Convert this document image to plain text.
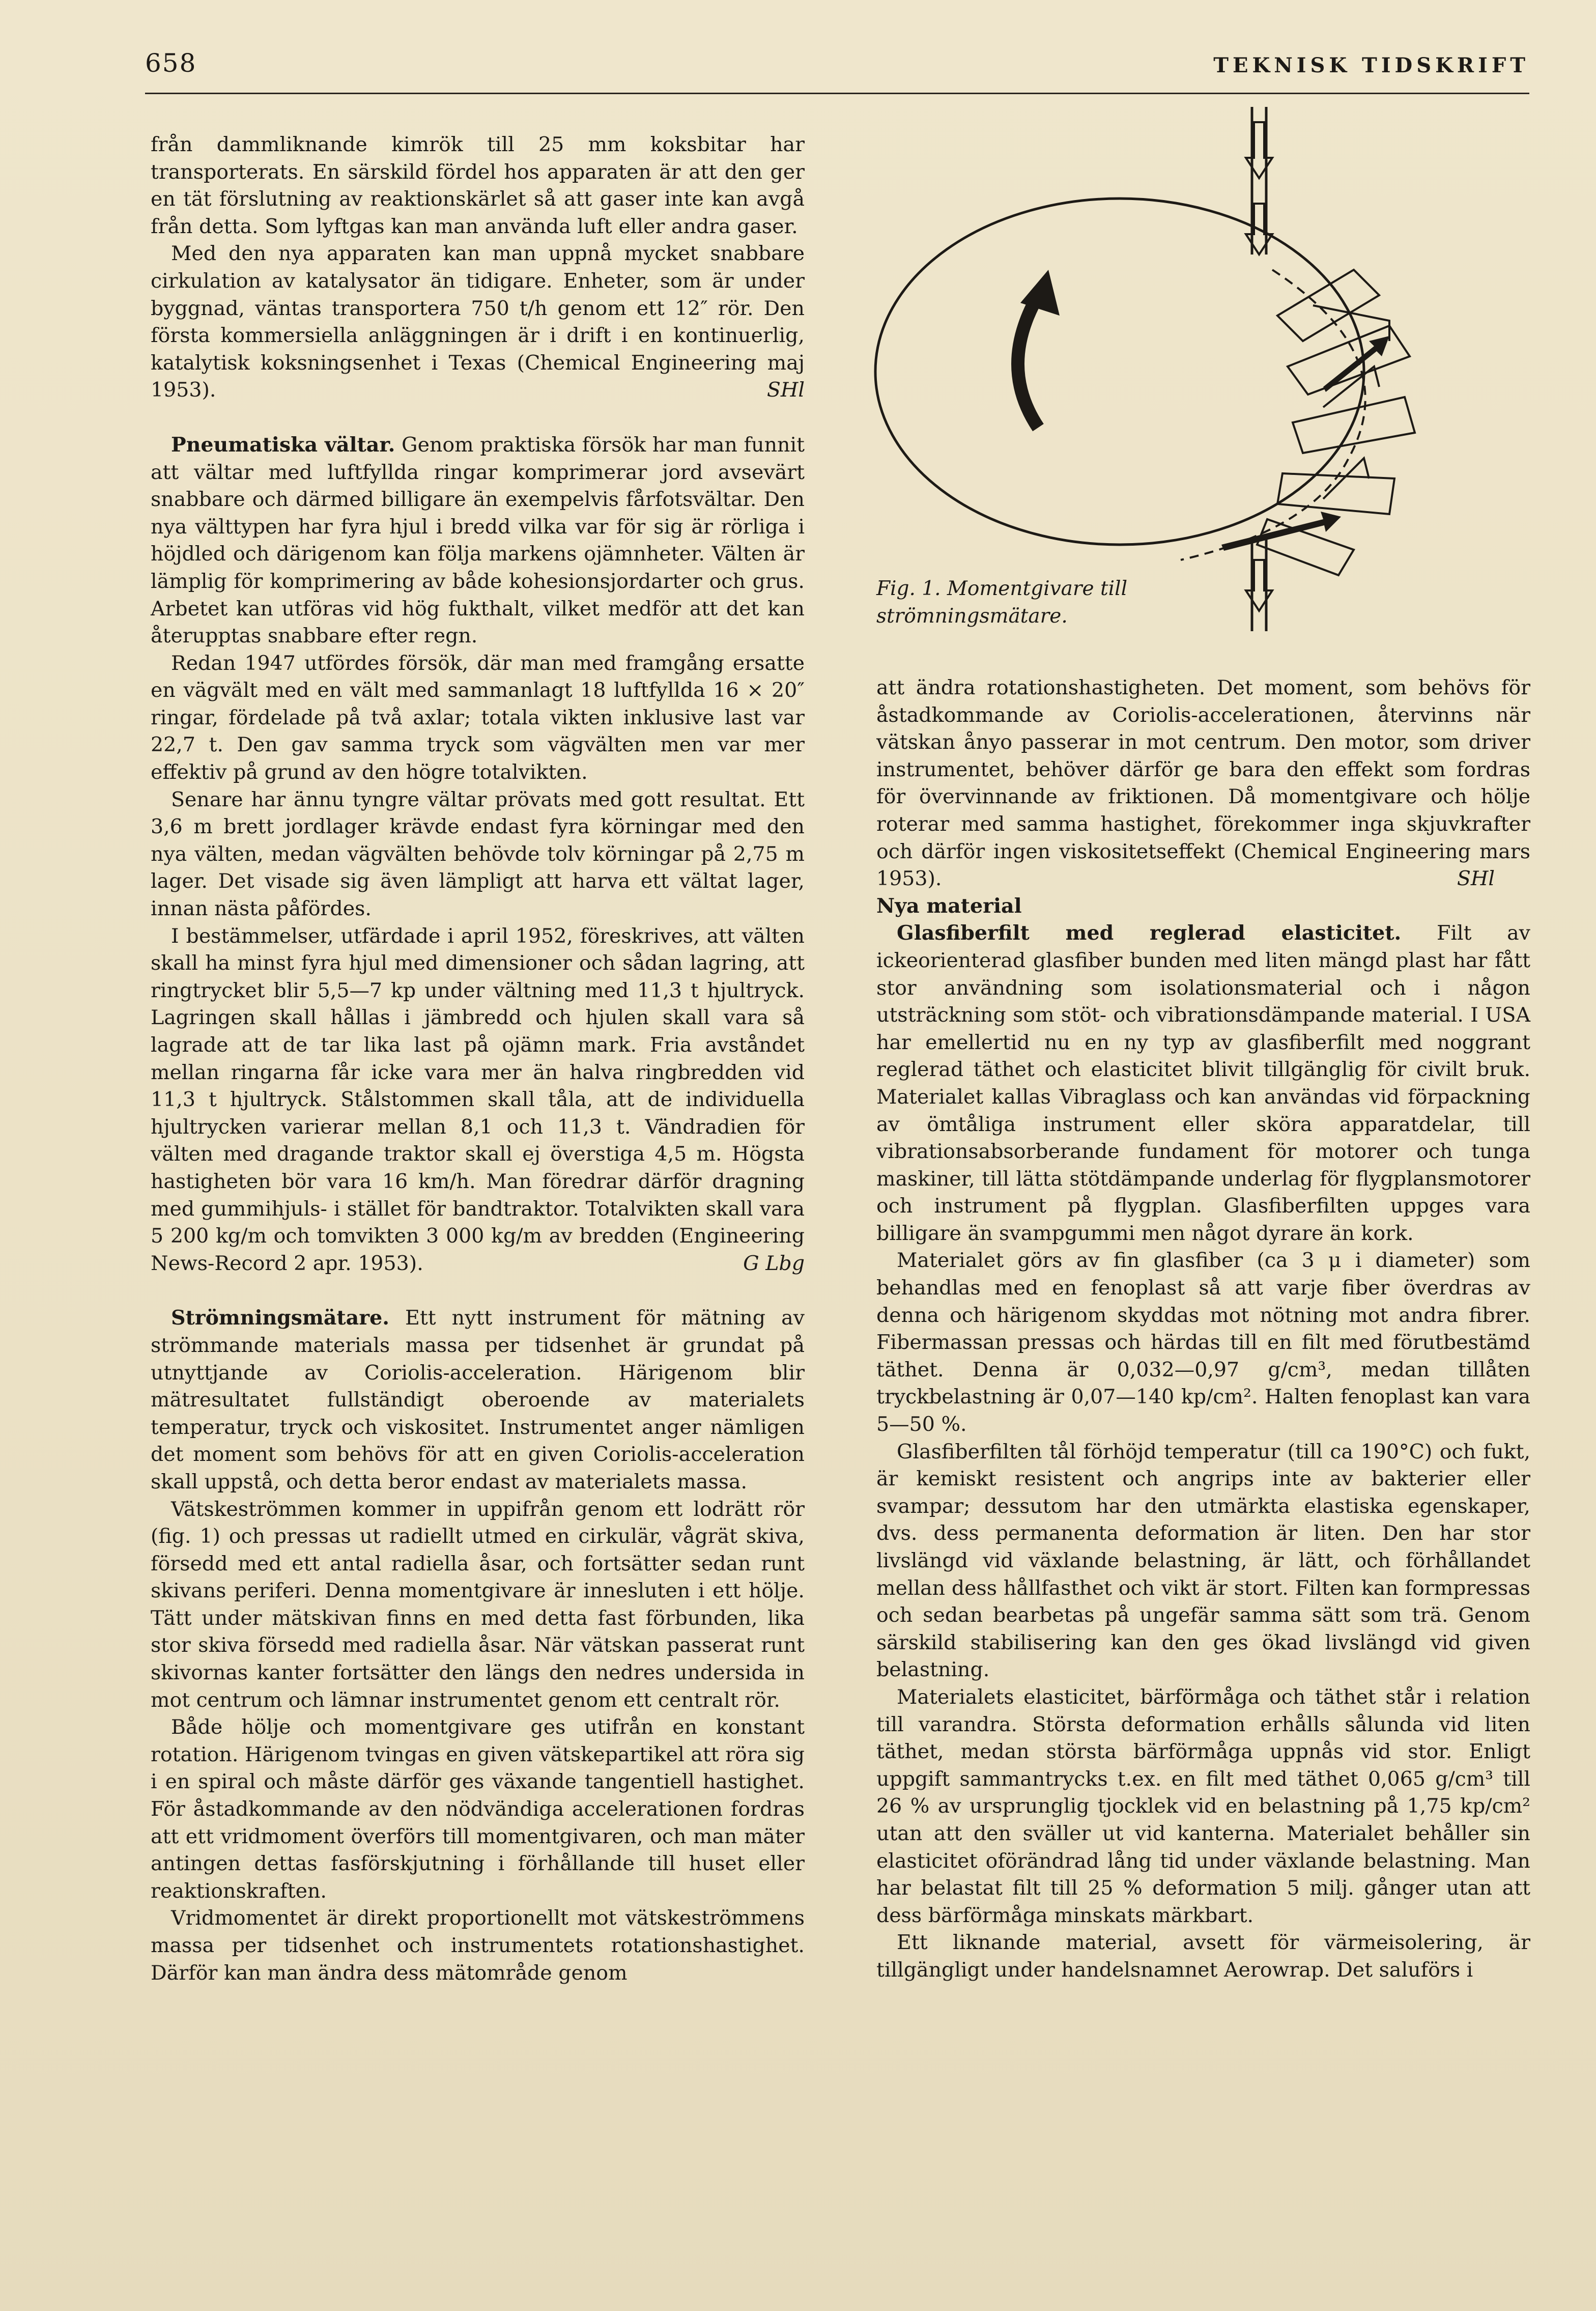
658	TEKNISK TIDSKRIFT

från dammliknande kimrök till 25 mm koksbitar har transporterats. En särskild fördel hos apparaten är att den ger en tät förslutning av reaktionskärlet så att gaser inte kan avgå från detta. Som lyftgas kan man använda luft eller andra gaser.

Med den nya apparaten kan man uppnå mycket snabbare cirkulation av katalysator än tidigare. Enheter, som är under byggnad, väntas transportera 750 t/h genom ett 12″ rör. Den första kommersiella anläggningen är i drift i en kontinuerlig, katalytisk koksningsenhet i Texas (Chemical Engineering maj 1953).	SHl

Pneumatiska vältar. Genom praktiska försök har man funnit att vältar med luftfyllda ringar komprimerar jord avsevärt snabbare och därmed billigare än exempelvis fårfotsvältar. Den nya välttypen har fyra hjul i bredd vilka var för sig är rörliga i höjdled och därigenom kan följa markens ojämnheter. Välten är lämplig för komprimering av både kohesionsjordarter och grus. Arbetet kan utföras vid hög fukthalt, vilket medför att det kan återupptas snabbare efter regn.

Redan 1947 utfördes försök, där man med framgång ersatte en vägvält med en vält med sammanlagt 18 luftfyllda 16 × 20″ ringar, fördelade på två axlar; totala vikten inklusive last var 22,7 t. Den gav samma tryck som vägvälten men var mer effektiv på grund av den högre totalvikten.

Senare har ännu tyngre vältar prövats med gott resultat. Ett 3,6 m brett jordlager krävde endast fyra körningar med den nya välten, medan vägvälten behövde tolv körningar på 2,75 m lager. Det visade sig även lämpligt att harva ett vältat lager, innan nästa påfördes.

I bestämmelser, utfärdade i april 1952, föreskrives, att välten skall ha minst fyra hjul med dimensioner och sådan lagring, att ringtrycket blir 5,5—7 kp under vältning med 11,3 t hjultryck. Lagringen skall hållas i jämbredd och hjulen skall vara så lagrade att de tar lika last på ojämn mark. Fria avståndet mellan ringarna får icke vara mer än halva ringbredden vid 11,3 t hjultryck. Stålstommen skall tåla, att de individuella hjultrycken varierar mellan 8,1 och 11,3 t. Vändradien för välten med dragande traktor skall ej överstiga 4,5 m. Högsta hastigheten bör vara 16 km/h. Man föredrar därför dragning med gummihjuls- i stället för bandtraktor. Totalvikten skall vara 5 200 kg/m och tomvikten 3 000 kg/m av bredden (Engineering News-Record 2 apr. 1953).	G Lbg

Strömningsmätare. Ett nytt instrument för mätning av strömmande materials massa per tidsenhet är grundat på utnyttjande av Coriolis-acceleration. Härigenom blir mätresultatet fullständigt oberoende av materialets temperatur, tryck och viskositet. Instrumentet anger nämligen det moment som behövs för att en given Coriolis-acceleration skall uppstå, och detta beror endast av materialets massa.

Vätskeströmmen kommer in uppifrån genom ett lodrätt rör (fig. 1) och pressas ut radiellt utmed en cirkulär, vågrät skiva, försedd med ett antal radiella åsar, och fortsätter sedan runt skivans periferi. Denna momentgivare är innesluten i ett hölje. Tätt under mätskivan finns en med detta fast förbunden, lika stor skiva försedd med radiella åsar. När vätskan passerat runt skivornas kanter fortsätter den längs den nedres undersida in mot centrum och lämnar instrumentet genom ett centralt rör.

Både hölje och momentgivare ges utifrån en konstant rotation. Härigenom tvingas en given vätskepartikel att röra sig i en spiral och måste därför ges växande tangentiell hastighet. För åstadkommande av den nödvändiga accelerationen fordras att ett vridmoment överförs till momentgivaren, och man mäter antingen dettas fasförskjutning i förhållande till huset eller reaktionskraften.

Vridmomentet är direkt proportionellt mot vätskeströmmens massa per tidsenhet och instrumentets rotationshastighet. Därför kan man ändra dess mätområde genom

Fig. 1. Momentgivare till strömningsmätare.

att ändra rotationshastigheten. Det moment, som behövs för åstadkommande av Coriolis-accelerationen, återvinns när vätskan ånyo passerar in mot centrum. Den motor, som driver instrumentet, behöver därför ge bara den effekt som fordras för övervinnande av friktionen. Då momentgivare och hölje roterar med samma hastighet, förekommer inga skjuvkrafter och därför ingen viskositetseffekt (Chemical Engineering mars 1953).	SHl

Nya material

Glasfiberfilt med reglerad elasticitet. Filt av ickeorienterad glasfiber bunden med liten mängd plast har fått stor användning som isolationsmaterial och i någon utsträckning som stöt- och vibrationsdämpande material. I USA har emellertid nu en ny typ av glasfiberfilt med noggrant reglerad täthet och elasticitet blivit tillgänglig för civilt bruk. Materialet kallas Vibraglass och kan användas vid förpackning av ömtåliga instrument eller sköra apparatdelar, till vibrationsabsorberande fundament för motorer och tunga maskiner, till lätta stötdämpande underlag för flygplansmotorer och instrument på flygplan. Glasfiberfilten uppges vara billigare än svampgummi men något dyrare än kork.

Materialet görs av fin glasfiber (ca 3 μ i diameter) som behandlas med en fenoplast så att varje fiber överdras av denna och härigenom skyddas mot nötning mot andra fibrer. Fibermassan pressas och härdas till en filt med förutbestämd täthet. Denna är 0,032—0,97 g/cm³, medan tillåten tryckbelastning är 0,07—140 kp/cm². Halten fenoplast kan vara 5—50 %.

Glasfiberfilten tål förhöjd temperatur (till ca 190°C) och fukt, är kemiskt resistent och angrips inte av bakterier eller svampar; dessutom har den utmärkta elastiska egenskaper, dvs. dess permanenta deformation är liten. Den har stor livslängd vid växlande belastning, är lätt, och förhållandet mellan dess hållfasthet och vikt är stort. Filten kan formpressas och sedan bearbetas på ungefär samma sätt som trä. Genom särskild stabilisering kan den ges ökad livslängd vid given belastning.

Materialets elasticitet, bärförmåga och täthet står i relation till varandra. Största deformation erhålls sålunda vid liten täthet, medan största bärförmåga uppnås vid stor. Enligt uppgift sammantrycks t.ex. en filt med täthet 0,065 g/cm³ till 26 % av ursprunglig tjocklek vid en belastning på 1,75 kp/cm² utan att den sväller ut vid kanterna. Materialet behåller sin elasticitet oförändrad lång tid under växlande belastning. Man har belastat filt till 25 % deformation 5 milj. gånger utan att dess bärförmåga minskats märkbart.

Ett liknande material, avsett för värmeisolering, är tillgängligt under handelsnamnet Aerowrap. Det saluförs i
